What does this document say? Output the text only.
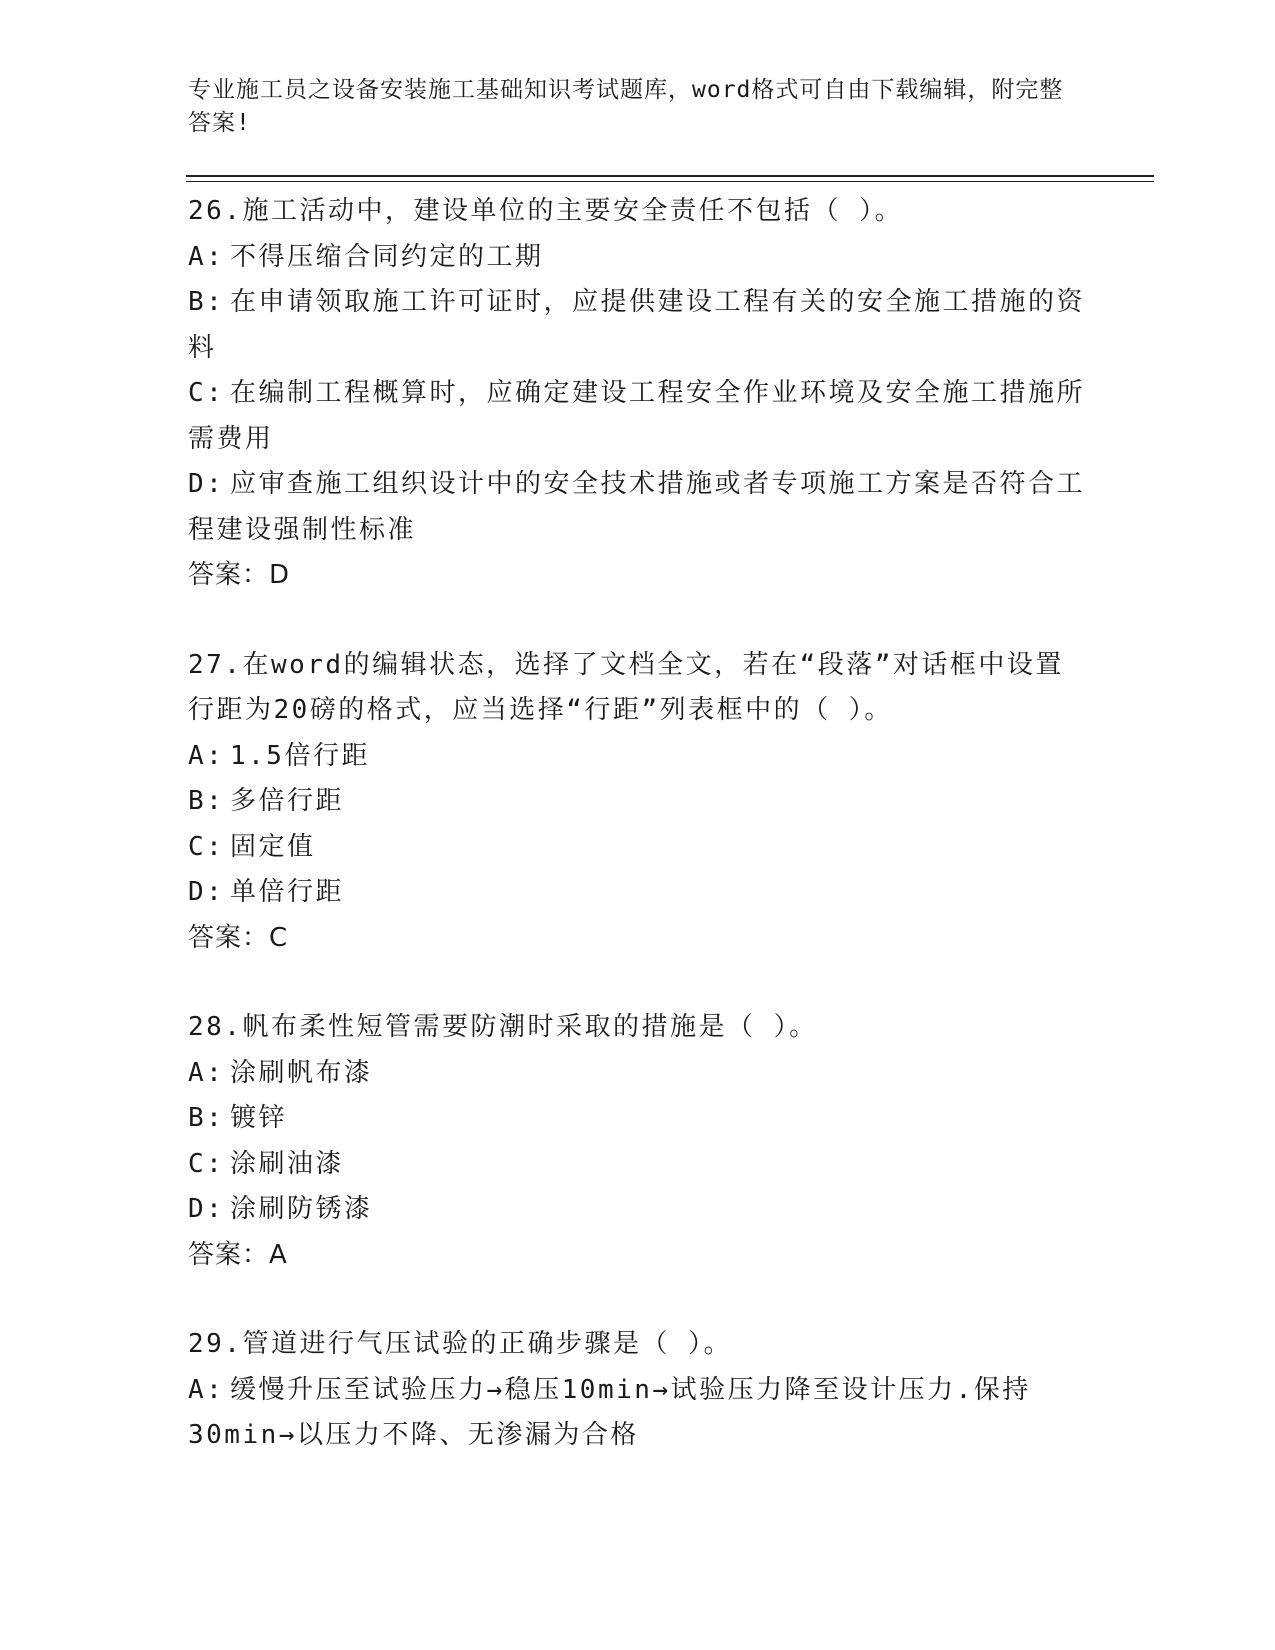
专业施工员之设备安装施工基础知识考试题库，word格式可自由下载编辑，附完整答案!
26.施工活动中，建设单位的主要安全责任不包括（ ）。
A: 不得压缩合同约定的工期
B: 在申请领取施工许可证时，应提供建设工程有关的安全施工措施的资料
C: 在编制工程概算时，应确定建设工程安全作业环境及安全施工措施所需费用
D: 应审查施工组织设计中的安全技术措施或者专项施工方案是否符合工程建设强制性标准
答案：D
27.在word的编辑状态，选择了文档全文，若在“段落”对话框中设置行距为20磅的格式，应当选择“行距”列表框中的（ ）。
A: 1.5倍行距
B: 多倍行距
C: 固定值
D: 单倍行距
答案：C
28.帆布柔性短管需要防潮时采取的措施是（ ）。
A: 涂刷帆布漆
B: 镀锌
C: 涂刷油漆
D: 涂刷防锈漆
答案：A
29.管道进行气压试验的正确步骤是（ ）。
A: 缓慢升压至试验压力→稳压10min→试验压力降至设计压力.保持30min→以压力不降、无渗漏为合格
